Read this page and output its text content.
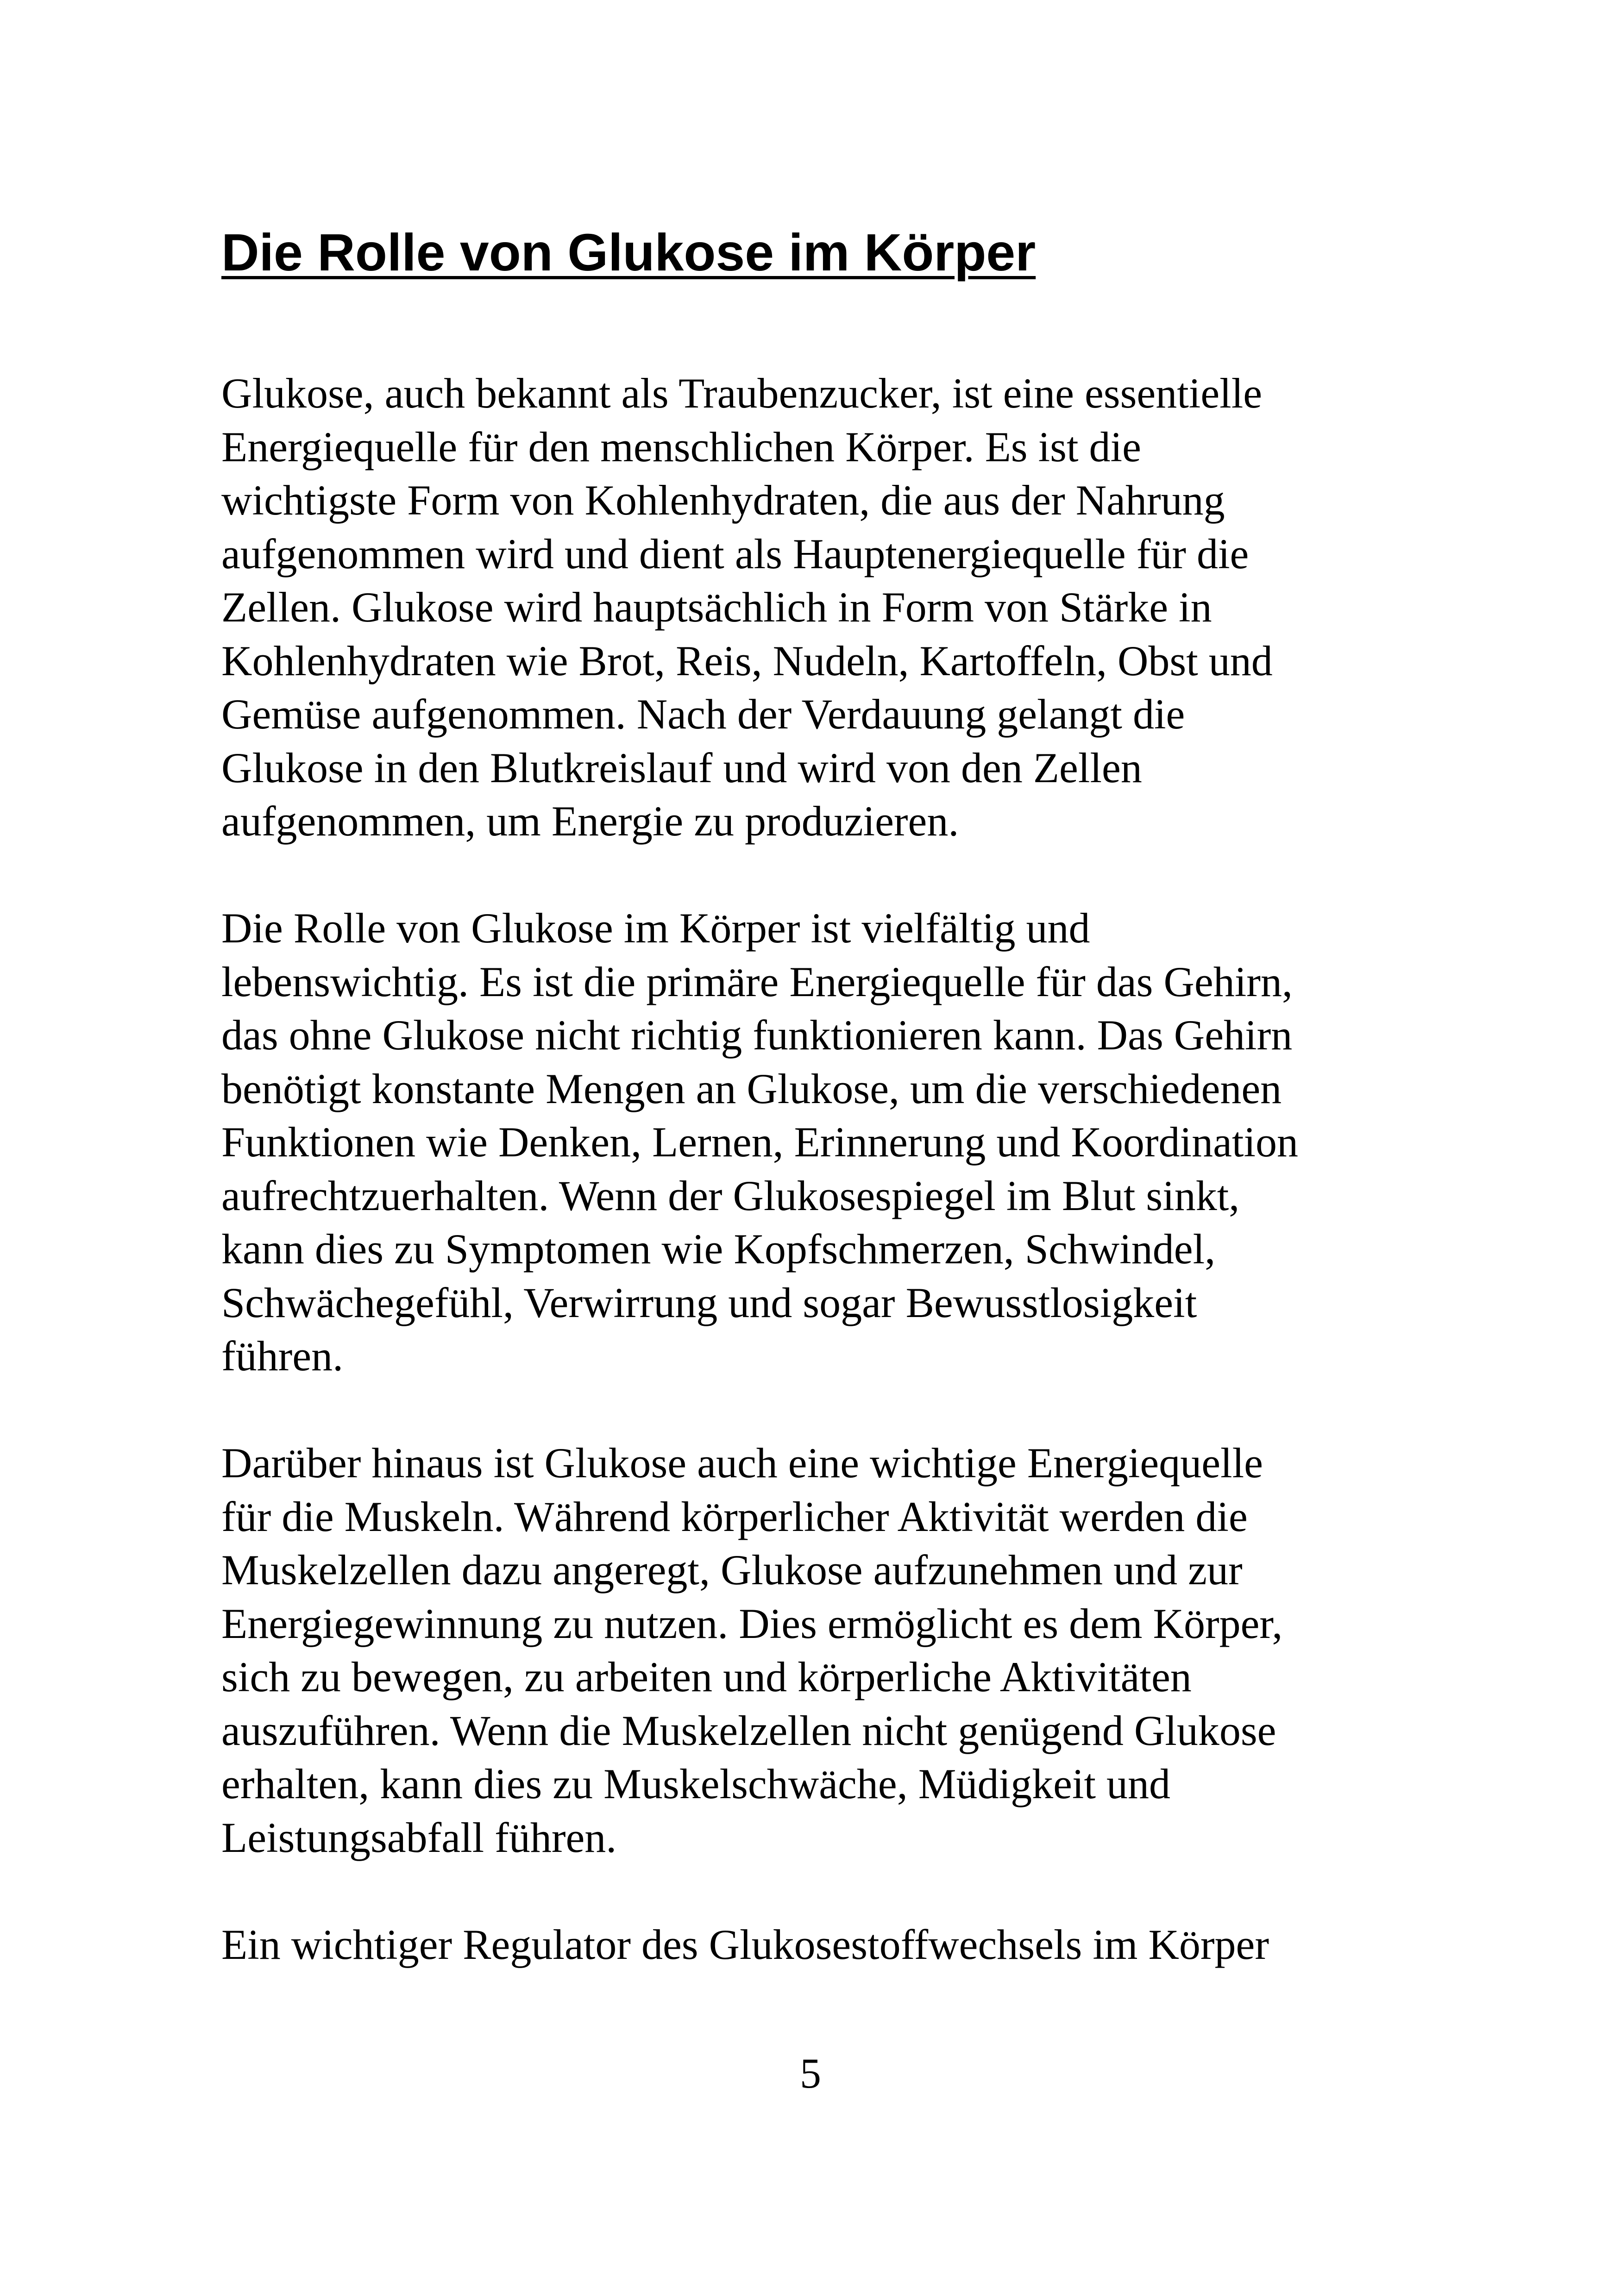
Die Rolle von Glukose im Körper

Glukose, auch bekannt als Traubenzucker, ist eine essentielle
Energiequelle für den menschlichen Körper. Es ist die
wichtigste Form von Kohlenhydraten, die aus der Nahrung
aufgenommen wird und dient als Hauptenergiequelle für die
Zellen. Glukose wird hauptsächlich in Form von Stärke in
Kohlenhydraten wie Brot, Reis, Nudeln, Kartoffeln, Obst und
Gemüse aufgenommen. Nach der Verdauung gelangt die
Glukose in den Blutkreislauf und wird von den Zellen
aufgenommen, um Energie zu produzieren.

Die Rolle von Glukose im Körper ist vielfältig und
lebenswichtig. Es ist die primäre Energiequelle für das Gehirn,
das ohne Glukose nicht richtig funktionieren kann. Das Gehirn
benötigt konstante Mengen an Glukose, um die verschiedenen
Funktionen wie Denken, Lernen, Erinnerung und Koordination
aufrechtzuerhalten. Wenn der Glukosespiegel im Blut sinkt,
kann dies zu Symptomen wie Kopfschmerzen, Schwindel,
Schwächegefühl, Verwirrung und sogar Bewusstlosigkeit
führen.

Darüber hinaus ist Glukose auch eine wichtige Energiequelle
für die Muskeln. Während körperlicher Aktivität werden die
Muskelzellen dazu angeregt, Glukose aufzunehmen und zur
Energiegewinnung zu nutzen. Dies ermöglicht es dem Körper,
sich zu bewegen, zu arbeiten und körperliche Aktivitäten
auszuführen. Wenn die Muskelzellen nicht genügend Glukose
erhalten, kann dies zu Muskelschwäche, Müdigkeit und
Leistungsabfall führen.

Ein wichtiger Regulator des Glukosestoffwechsels im Körper

5
